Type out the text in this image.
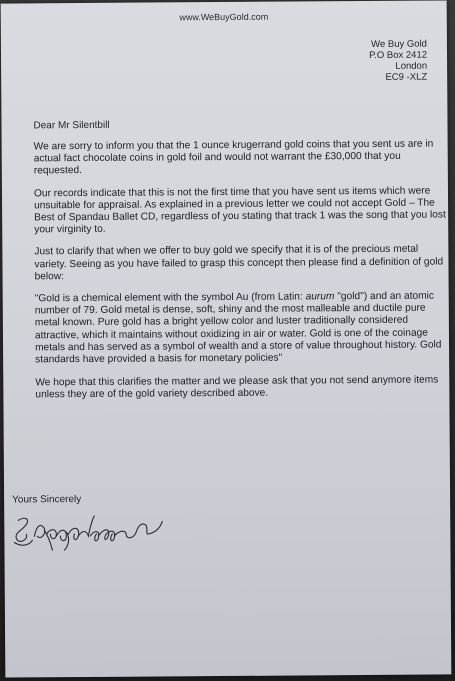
www.WeBuyGold.com
We Buy Gold
P.O Box 2412
London
EC9 -XLZ
Dear Mr Silentbill

We are sorry to inform you that the 1 ounce krugerrand gold coins that you sent us are in actual fact chocolate coins in gold foil and would not warrant the £30,000 that you requested.

Our records indicate that this is not the first time that you have sent us items which were unsuitable for appraisal. As explained in a previous letter we could not accept Gold – The Best of Spandau Ballet CD, regardless of you stating that track 1 was the song that you lost your virginity to.

Just to clarify that when we offer to buy gold we specify that it is of the precious metal variety. Seeing as you have failed to grasp this concept then please find a definition of gold below:

"Gold is a chemical element with the symbol Au (from Latin: aurum "gold") and an atomic number of 79. Gold metal is dense, soft, shiny and the most malleable and ductile pure metal known. Pure gold has a bright yellow color and luster traditionally considered attractive, which it maintains without oxidizing in air or water. Gold is one of the coinage metals and has served as a symbol of wealth and a store of value throughout history. Gold standards have provided a basis for monetary policies"

We hope that this clarifies the matter and we please ask that you not send anymore items unless they are of the gold variety described above.

Yours Sincerely
